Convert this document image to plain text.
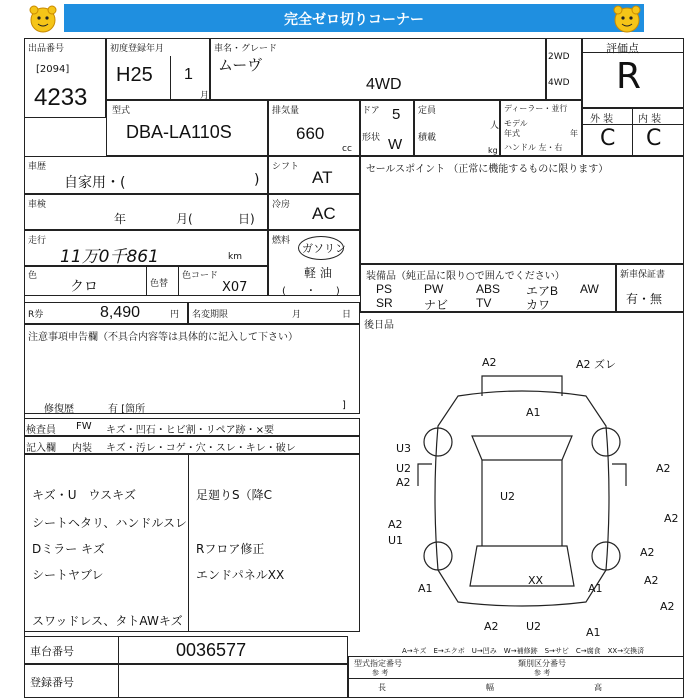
完全ゼロ切りコーナー
出品番号
[2094]
4233
初度登録年月
H25 1
月
車名・グレード
ムーヴ
4WD
2WD
4WD
評価点
R
型式
DBA-LA110S
排気量
660
cc
ドア 5
形状 W
定員
人
積載
kg
ディーラー・並行
モデル
年式	年
ハンドル 左・右
外 装 内 装
C C
車歴
自家用・(	)
シフト
AT	セールスポイント （正常に機能するものに限ります）
車検
年	月(	日)
冷房 AC
走行
11万0千861	km
燃料
ガソリン
軽 油
(　　・　　)
色
クロ	色替
色コード
X07
装備品（純正品に限り○で囲んでください）
PS	PW	ABS エアB AW
SR	ナビ TV	カワ
新車保証書
有・無
R券	8,490	円 名変期限	月	日
注意事項申告欄（不具合内容等は具体的に記入して下さい）
修復歴	有 [箇所	]
後日品
検査員 FW キズ・凹石・ヒビ割・リペア跡・×要
記入欄 内装 キズ・汚レ・コゲ・穴・スレ・キレ・破レ
キズ・U　ウスキズ
シートヘタリ、ハンドルスレ
Dミラー キズ
シートヤブレ
スワッドレス、タトAWキズ
足廻りS（降C
Rフロア修正
エンドパネルXX
A2	A2 ズレ
A1
U3
U2
A2
A2
U2
A2	A2
U1
A2
A2
XX
A1	A1
A2
A2
A1
U2
A→キズ　E→エクボ　U→凹み　W→補修跡　S→サビ　C→腐食　XX→交換済
車台番号	0036577
登録番号
型式指定番号
参 考
類別区分番号
参 考
長	幅	高
